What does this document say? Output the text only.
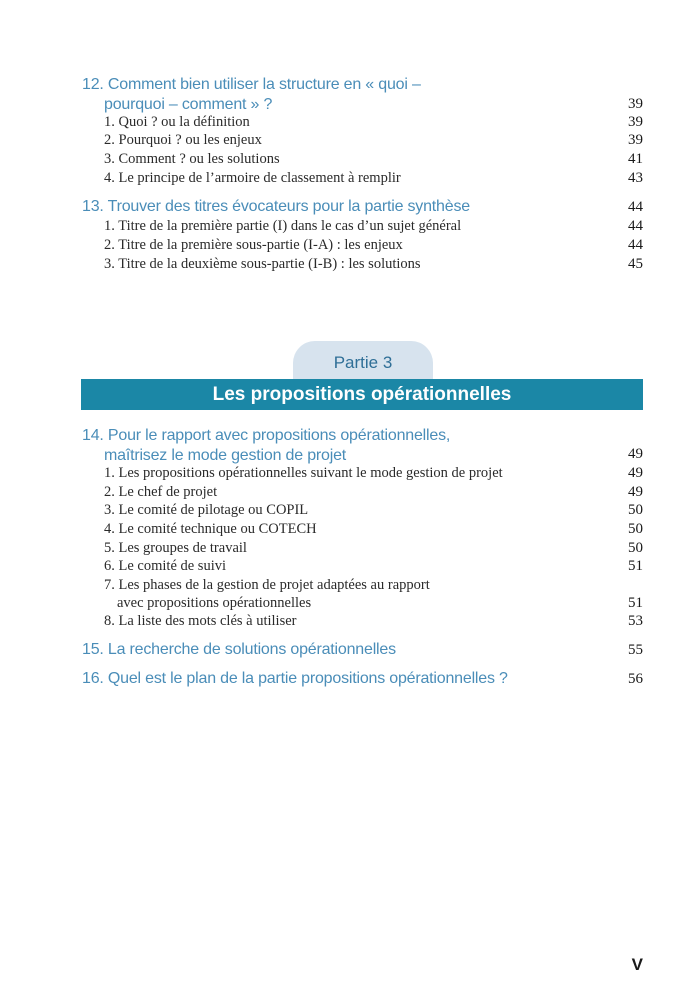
12. Comment bien utiliser la structure en « quoi –
pourquoi – comment » ?	39
1. Quoi ? ou la définition	39
2. Pourquoi ? ou les enjeux	39
3. Comment ? ou les solutions	41
4. Le principe de l’armoire de classement à remplir	43
13. Trouver des titres évocateurs pour la partie synthèse	44
1. Titre de la première partie (I) dans le cas d’un sujet général	44
2. Titre de la première sous-partie (I-A) : les enjeux	44
3. Titre de la deuxième sous-partie (I-B) : les solutions	45
Partie 3
Les propositions opérationnelles
14. Pour le rapport avec propositions opérationnelles,
maîtrisez le mode gestion de projet	49
1. Les propositions opérationnelles suivant le mode gestion de projet	49
2. Le chef de projet	49
3. Le comité de pilotage ou COPIL	50
4. Le comité technique ou COTECH	50
5. Les groupes de travail	50
6. Le comité de suivi	51
7. Les phases de la gestion de projet adaptées au rapport
avec propositions opérationnelles	51
8. La liste des mots clés à utiliser	53
15. La recherche de solutions opérationnelles	55
16. Quel est le plan de la partie propositions opérationnelles ?	56
V
